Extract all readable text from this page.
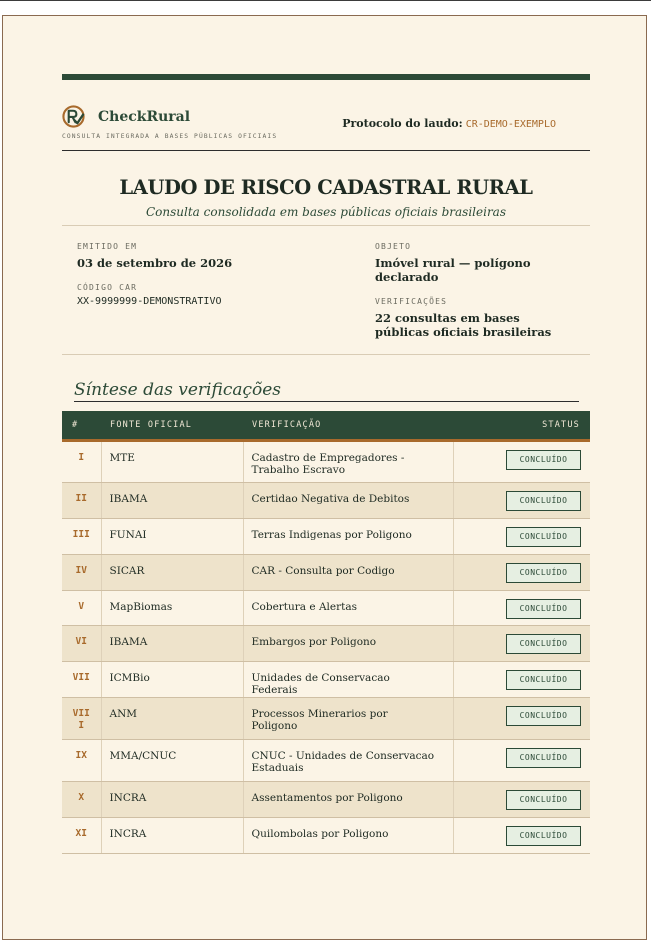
CheckRural
CONSULTA INTEGRADA A BASES PÚBLICAS OFICIAIS
Protocolo do laudo: CR-DEMO-EXEMPLO
LAUDO DE RISCO CADASTRAL RURAL
Consulta consolidada em bases públicas oficiais brasileiras
EMITIDO EM
03 de setembro de 2026
CÓDIGO CAR
XX-9999999-DEMONSTRATIVO
OBJETO
Imóvel rural — polígono declarado
VERIFICAÇÕES
22 consultas em bases públicas oficiais brasileiras
Síntese das verificações
#	FONTE OFICIAL	VERIFICAÇÃO	STATUS
I	MTE	Cadastro de Empregadores - Trabalho Escravo	CONCLUÍDO
II	IBAMA	Certidao Negativa de Debitos	CONCLUÍDO
III	FUNAI	Terras Indigenas por Poligono	CONCLUÍDO
IV	SICAR	CAR - Consulta por Codigo	CONCLUÍDO
V	MapBiomas	Cobertura e Alertas	CONCLUÍDO
VI	IBAMA	Embargos por Poligono	CONCLUÍDO
VII	ICMBio	Unidades de Conservacao Federais	CONCLUÍDO
VIII	ANM	Processos Minerarios por Poligono	CONCLUÍDO
IX	MMA/CNUC	CNUC - Unidades de Conservacao Estaduais	CONCLUÍDO
X	INCRA	Assentamentos por Poligono	CONCLUÍDO
XI	INCRA	Quilombolas por Poligono	CONCLUÍDO
